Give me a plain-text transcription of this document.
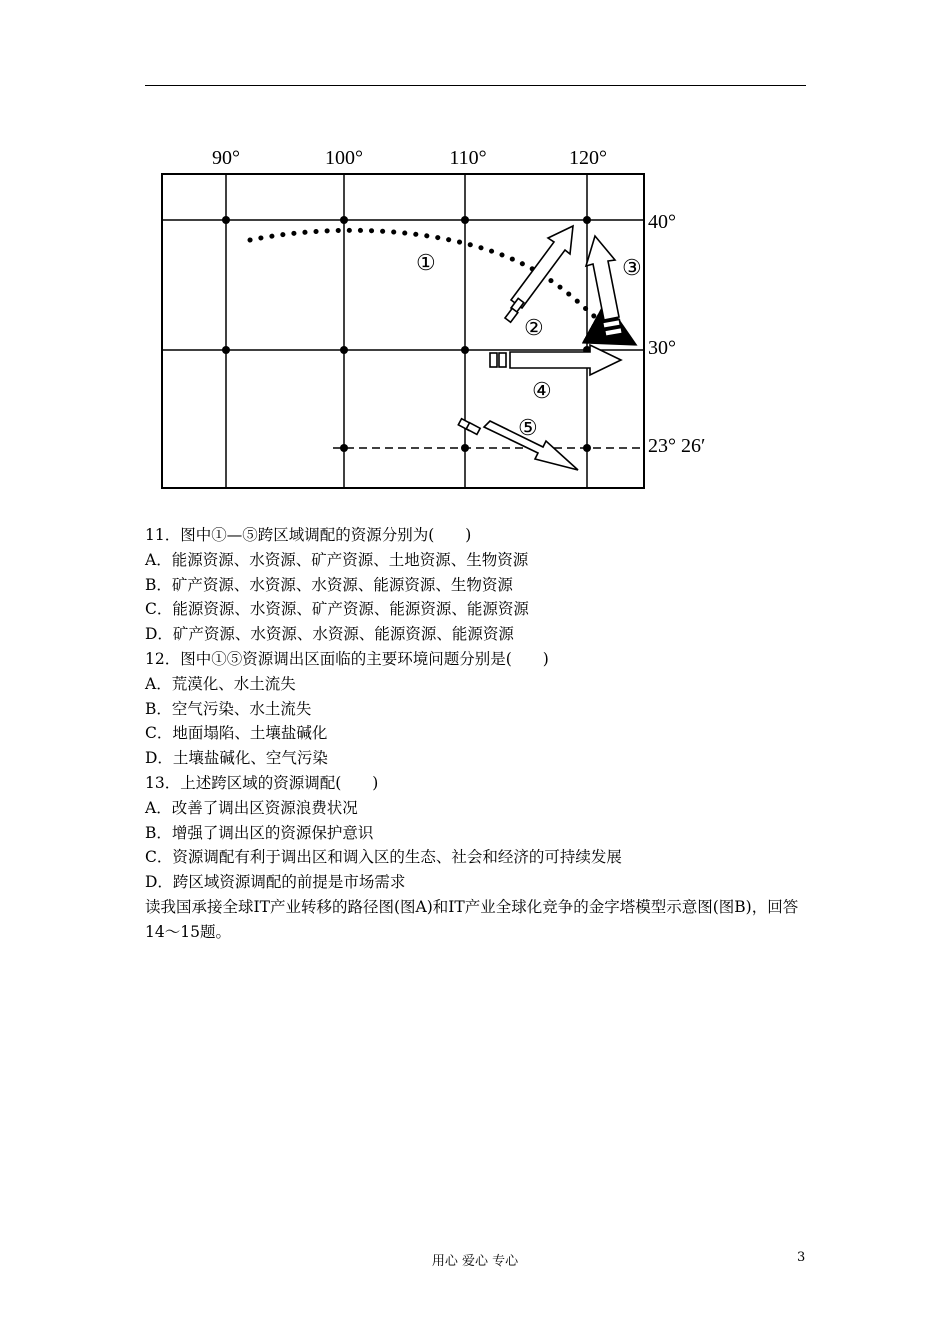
90°	100°	110°	120°
40°
30°
23° 26′
①
②
③
④
⑤

11．图中①—⑤跨区域调配的资源分别为(　　)

A．能源资源、水资源、矿产资源、土地资源、生物资源

B．矿产资源、水资源、水资源、能源资源、生物资源

C．能源资源、水资源、矿产资源、能源资源、能源资源

D．矿产资源、水资源、水资源、能源资源、能源资源

12．图中①⑤资源调出区面临的主要环境问题分别是(　　)

A．荒漠化、水土流失

B．空气污染、水土流失

C．地面塌陷、土壤盐碱化

D．土壤盐碱化、空气污染

13．上述跨区域的资源调配(　　)

A．改善了调出区资源浪费状况

B．增强了调出区的资源保护意识

C．资源调配有利于调出区和调入区的生态、社会和经济的可持续发展

D．跨区域资源调配的前提是市场需求

读我国承接全球IT产业转移的路径图(图A)和IT产业全球化竞争的金字塔模型示意图(图B)，回答14～15题。

用心 爱心 专心	3
